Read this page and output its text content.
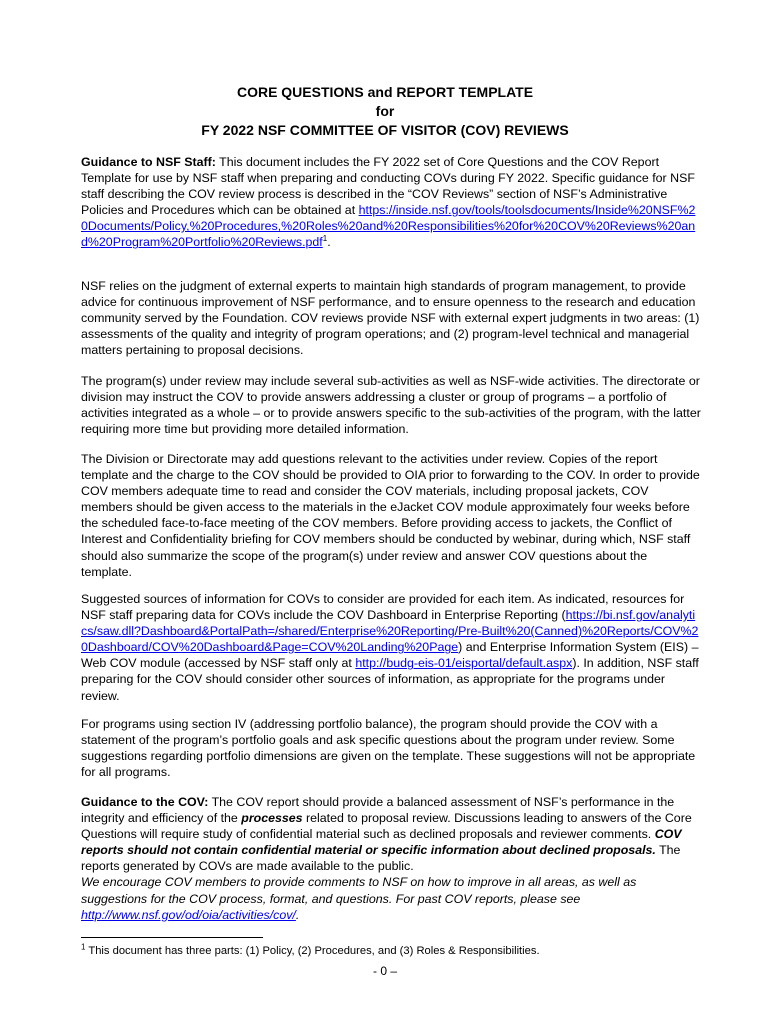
CORE QUESTIONS and REPORT TEMPLATE
for
FY 2022 NSF COMMITTEE OF VISITOR (COV) REVIEWS

Guidance to NSF Staff: This document includes the FY 2022 set of Core Questions and the COV Report Template for use by NSF staff when preparing and conducting COVs during FY 2022. Specific guidance for NSF staff describing the COV review process is described in the “COV Reviews” section of NSF’s Administrative Policies and Procedures which can be obtained at https://inside.nsf.gov/tools/toolsdocuments/Inside%20NSF%20Documents/Policy,%20Procedures,%20Roles%20and%20Responsibilities%20for%20COV%20Reviews%20and%20Program%20Portfolio%20Reviews.pdf$^1$.

NSF relies on the judgment of external experts to maintain high standards of program management, to provide advice for continuous improvement of NSF performance, and to ensure openness to the research and education community served by the Foundation. COV reviews provide NSF with external expert judgments in two areas: (1) assessments of the quality and integrity of program operations; and (2) program-level technical and managerial matters pertaining to proposal decisions.

The program(s) under review may include several sub-activities as well as NSF-wide activities. The directorate or division may instruct the COV to provide answers addressing a cluster or group of programs – a portfolio of activities integrated as a whole – or to provide answers specific to the sub-activities of the program, with the latter requiring more time but providing more detailed information.

The Division or Directorate may add questions relevant to the activities under review. Copies of the report template and the charge to the COV should be provided to OIA prior to forwarding to the COV. In order to provide COV members adequate time to read and consider the COV materials, including proposal jackets, COV members should be given access to the materials in the eJacket COV module approximately four weeks before the scheduled face-to-face meeting of the COV members. Before providing access to jackets, the Conflict of Interest and Confidentiality briefing for COV members should be conducted by webinar, during which, NSF staff should also summarize the scope of the program(s) under review and answer COV questions about the template.

Suggested sources of information for COVs to consider are provided for each item. As indicated, resources for NSF staff preparing data for COVs include the COV Dashboard in Enterprise Reporting (https://bi.nsf.gov/analytics/saw.dll?Dashboard&PortalPath=/shared/Enterprise%20Reporting/Pre-Built%20(Canned)%20Reports/COV%20Dashboard/COV%20Dashboard&Page=COV%20Landing%20Page) and Enterprise Information System (EIS) –Web COV module (accessed by NSF staff only at http://budg-eis-01/eisportal/default.aspx). In addition, NSF staff preparing for the COV should consider other sources of information, as appropriate for the programs under review.

For programs using section IV (addressing portfolio balance), the program should provide the COV with a statement of the program’s portfolio goals and ask specific questions about the program under review. Some suggestions regarding portfolio dimensions are given on the template. These suggestions will not be appropriate for all programs.

Guidance to the COV: The COV report should provide a balanced assessment of NSF’s performance in the integrity and efficiency of the processes related to proposal review. Discussions leading to answers of the Core Questions will require study of confidential material such as declined proposals and reviewer comments. COV reports should not contain confidential material or specific information about declined proposals. The reports generated by COVs are made available to the public.
We encourage COV members to provide comments to NSF on how to improve in all areas, as well as suggestions for the COV process, format, and questions. For past COV reports, please see http://www.nsf.gov/od/oia/activities/cov/.

$^1$ This document has three parts: (1) Policy, (2) Procedures, and (3) Roles & Responsibilities.
- 0 –
